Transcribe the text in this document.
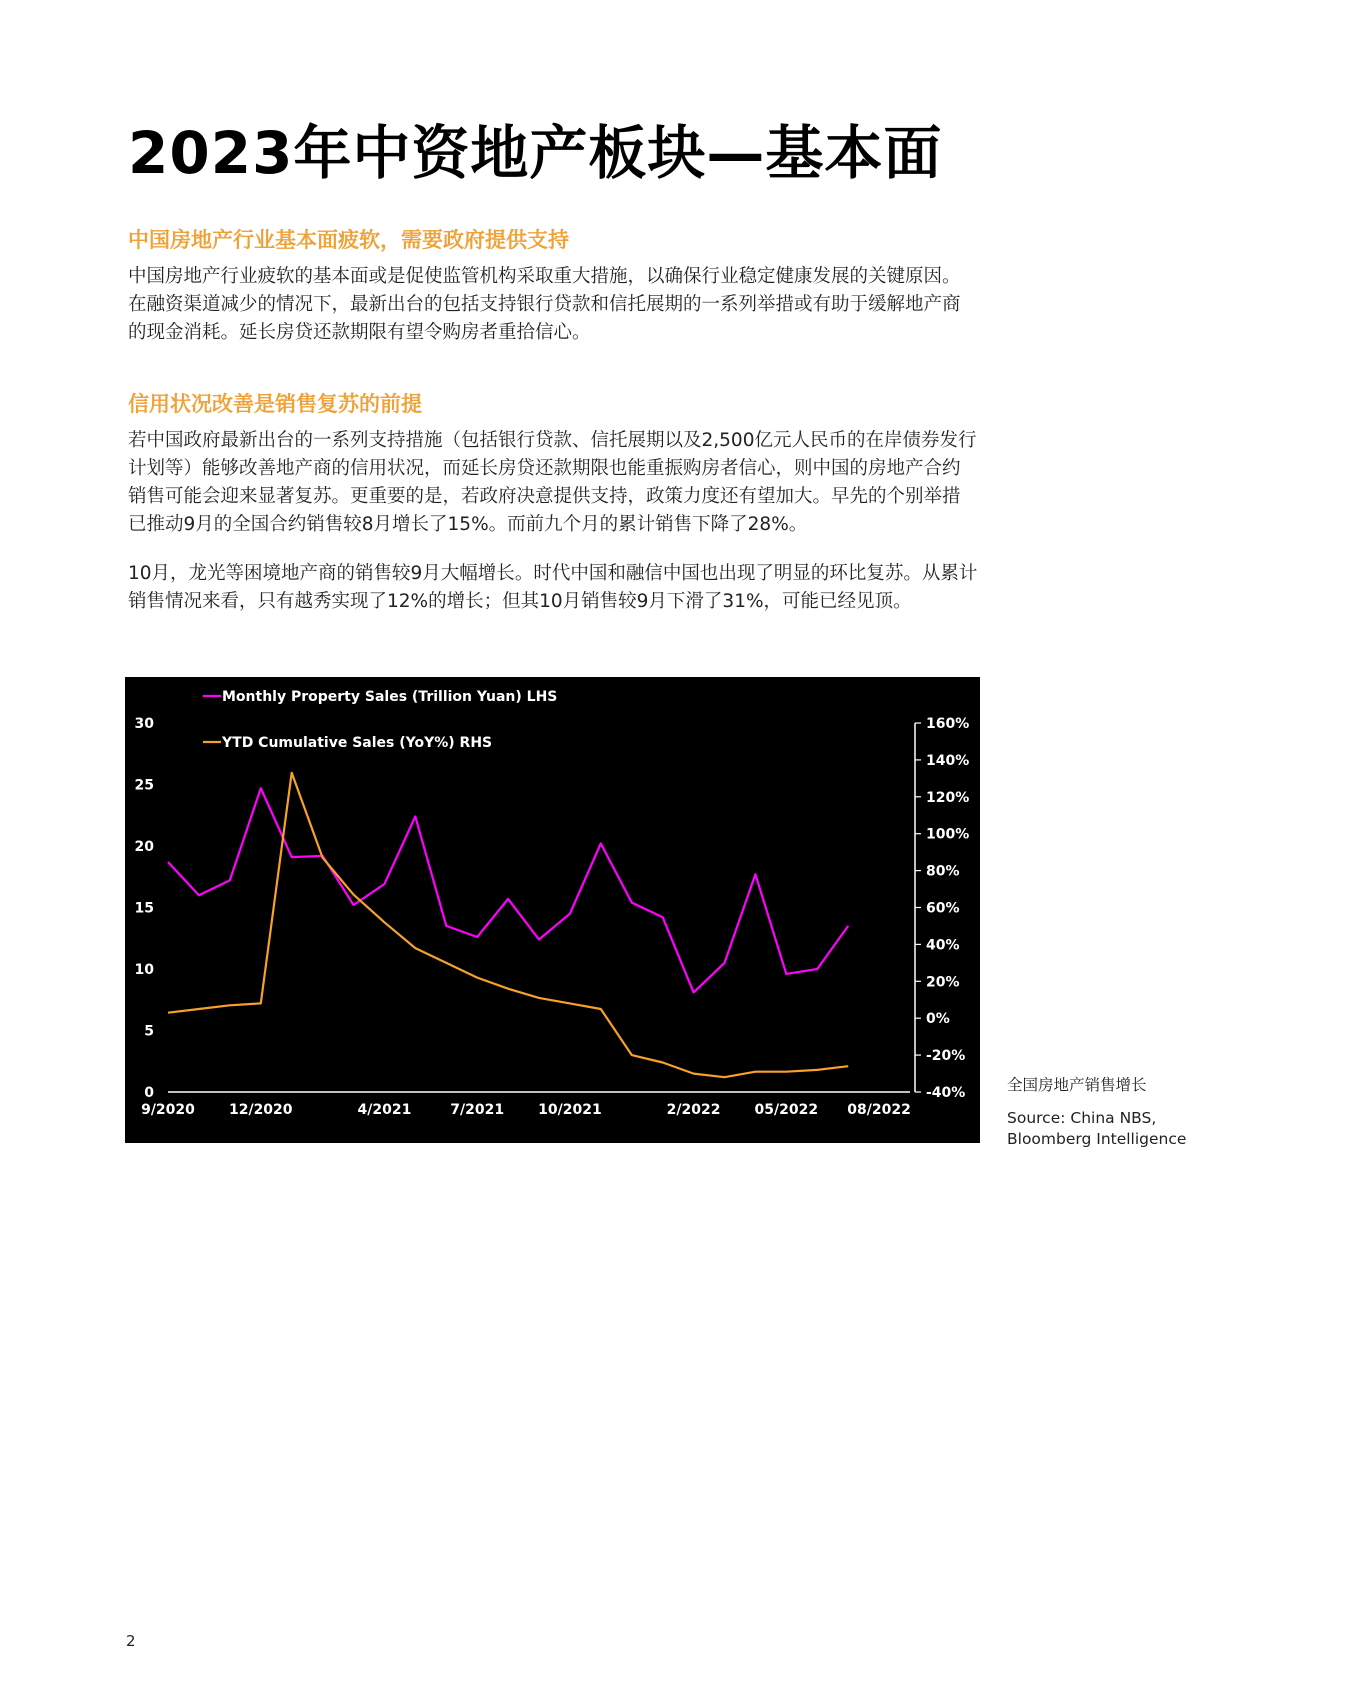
2023年中资地产板块—基本面
中国房地产行业基本面疲软，需要政府提供支持

中国房地产行业疲软的基本面或是促使监管机构采取重大措施，以确保行业稳定健康发展的关键原因。在融资渠道减少的情况下，最新出台的包括支持银行贷款和信托展期的一系列举措或有助于缓解地产商的现金消耗。延长房贷还款期限有望令购房者重拾信心。

信用状况改善是销售复苏的前提

若中国政府最新出台的一系列支持措施（包括银行贷款、信托展期以及2,500亿元人民币的在岸债券发行计划等）能够改善地产商的信用状况，而延长房贷还款期限也能重振购房者信心，则中国的房地产合约销售可能会迎来显著复苏。更重要的是，若政府决意提供支持，政策力度还有望加大。早先的个别举措已推动9月的全国合约销售较8月增长了15%。而前九个月的累计销售下降了28%。

10月，龙光等困境地产商的销售较9月大幅增长。时代中国和融信中国也出现了明显的环比复苏。从累计销售情况来看，只有越秀实现了12%的增长；但其10月销售较9月下滑了31%，可能已经见顶。

0
5
10
15
20
25
30
-40%
-20%
0%
20%
40%
60%
80%
100%
120%
140%
160%
9/2020 12/2020	4/2021	7/2021 10/2021	2/2022 05/2022 08/2022
Monthly Property Sales (Trillion Yuan) LHS
YTD Cumulative Sales (YoY%) RHS
全国房地产销售增长
Source: China NBS,
Bloomberg Intelligence
2
